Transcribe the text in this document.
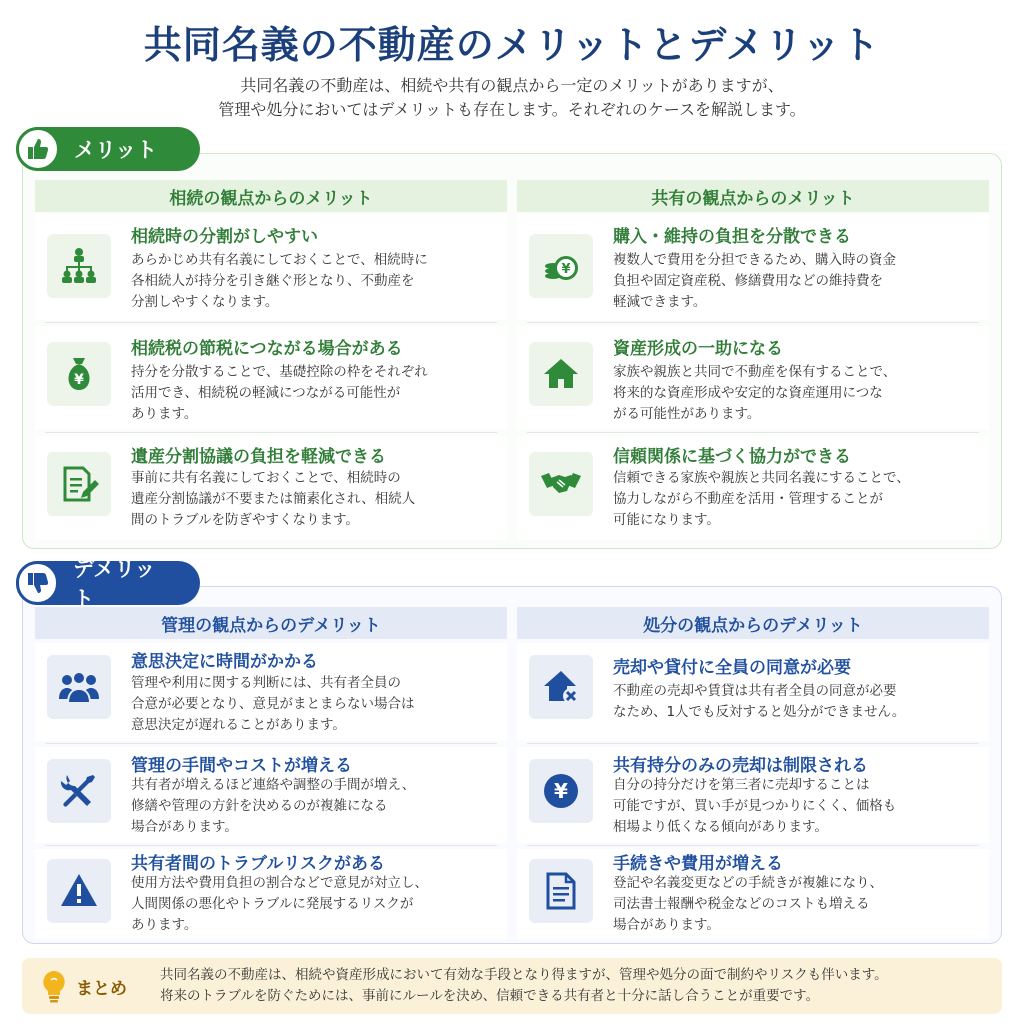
共同名義の不動産のメリットとデメリット
共同名義の不動産は、相続や共有の観点から一定のメリットがありますが、
管理や処分においてはデメリットも存在します。それぞれのケースを解説します。
相続の観点からのメリット
相続時の分割がしやすい
あらかじめ共有名義にしておくことで、相続時に
各相続人が持分を引き継ぐ形となり、不動産を
分割しやすくなります。
¥
相続税の節税につながる場合がある
持分を分散することで、基礎控除の枠をそれぞれ
活用でき、相続税の軽減につながる可能性が
あります。
遺産分割協議の負担を軽減できる
事前に共有名義にしておくことで、相続時の
遺産分割協議が不要または簡素化され、相続人
間のトラブルを防ぎやすくなります。
共有の観点からのメリット
¥
購入・維持の負担を分散できる
複数人で費用を分担できるため、購入時の資金
負担や固定資産税、修繕費用などの維持費を
軽減できます。
資産形成の一助になる
家族や親族と共同で不動産を保有することで、
将来的な資産形成や安定的な資産運用につな
がる可能性があります。
信頼関係に基づく協力ができる
信頼できる家族や親族と共同名義にすることで、
協力しながら不動産を活用・管理することが
可能になります。
メリット
管理の観点からのデメリット
意思決定に時間がかかる
管理や利用に関する判断には、共有者全員の
合意が必要となり、意見がまとまらない場合は
意思決定が遅れることがあります。
管理の手間やコストが増える
共有者が増えるほど連絡や調整の手間が増え、
修繕や管理の方針を決めるのが複雑になる
場合があります。
共有者間のトラブルリスクがある
使用方法や費用負担の割合などで意見が対立し、
人間関係の悪化やトラブルに発展するリスクが
あります。
処分の観点からのデメリット
売却や貸付に全員の同意が必要
不動産の売却や賃貸は共有者全員の同意が必要
なため、1人でも反対すると処分ができません。
¥
共有持分のみの売却は制限される
自分の持分だけを第三者に売却することは
可能ですが、買い手が見つかりにくく、価格も
相場より低くなる傾向があります。
手続きや費用が増える
登記や名義変更などの手続きが複雑になり、
司法書士報酬や税金などのコストも増える
場合があります。
デメリット
まとめ
共同名義の不動産は、相続や資産形成において有効な手段となり得ますが、管理や処分の面で制約やリスクも伴います。
将来のトラブルを防ぐためには、事前にルールを決め、信頼できる共有者と十分に話し合うことが重要です。
